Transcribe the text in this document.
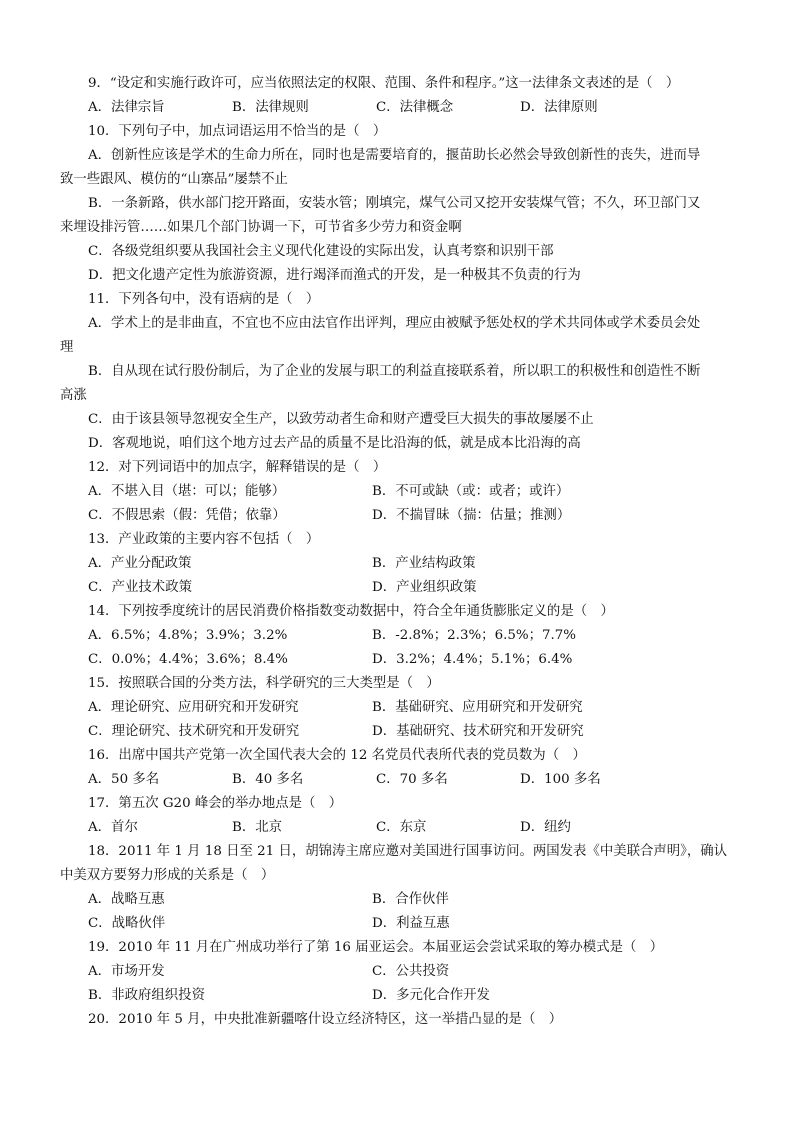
9．“设定和实施行政许可，应当依照法定的权限、范围、条件和程序。”这一法律条文表述的是（　）
A．法律宗旨	B．法律规则	C．法律概念	D．法律原则
10．下列句子中，加点词语运用不恰当的是（　）
A．创新性应该是学术的生命力所在，同时也是需要培育的，揠苗助长必然会导致创新性的丧失，进而导
致一些跟风、模仿的“山寨品”屡禁不止
B．一条新路，供水部门挖开路面，安装水管；刚填完，煤气公司又挖开安装煤气管；不久，环卫部门又
来埋设排污管……如果几个部门协调一下，可节省多少劳力和资金啊
C．各级党组织要从我国社会主义现代化建设的实际出发，认真考察和识别干部
D．把文化遗产定性为旅游资源，进行竭泽而渔式的开发，是一种极其不负责的行为
11．下列各句中，没有语病的是（　）
A．学术上的是非曲直，不宜也不应由法官作出评判，理应由被赋予惩处权的学术共同体或学术委员会处
理
B．自从现在试行股份制后，为了企业的发展与职工的利益直接联系着，所以职工的积极性和创造性不断
高涨
C．由于该县领导忽视安全生产，以致劳动者生命和财产遭受巨大损失的事故屡屡不止
D．客观地说，咱们这个地方过去产品的质量不是比沿海的低，就是成本比沿海的高
12．对下列词语中的加点字，解释错误的是（　）
A．不堪入目（堪：可以；能够）	B．不可或缺（或：或者；或许）
C．不假思索（假：凭借；依靠）	D．不揣冒昧（揣：估量；推测）
13．产业政策的主要内容不包括（　）
A．产业分配政策	B．产业结构政策
C．产业技术政策	D．产业组织政策
14．下列按季度统计的居民消费价格指数变动数据中，符合全年通货膨胀定义的是（　）
A．6.5%；4.8%；3.9%；3.2%	B．-2.8%；2.3%；6.5%；7.7%
C．0.0%；4.4%；3.6%；8.4%	D．3.2%；4.4%；5.1%；6.4%
15．按照联合国的分类方法，科学研究的三大类型是（　）
A．理论研究、应用研究和开发研究	B．基础研究、应用研究和开发研究
C．理论研究、技术研究和开发研究	D．基础研究、技术研究和开发研究
16．出席中国共产党第一次全国代表大会的 12 名党员代表所代表的党员数为（　）
A．50 多名	B．40 多名	C．70 多名	D．100 多名
17．第五次 G20 峰会的举办地点是（　）
A．首尔	B．北京	C．东京	D．纽约
18．2011 年 1 月 18 日至 21 日，胡锦涛主席应邀对美国进行国事访问。两国发表《中美联合声明》，确认
中美双方要努力形成的关系是（　）
A．战略互惠	B．合作伙伴
C．战略伙伴	D．利益互惠
19．2010 年 11 月在广州成功举行了第 16 届亚运会。本届亚运会尝试采取的筹办模式是（　）
A．市场开发	C．公共投资
B．非政府组织投资	D．多元化合作开发
20．2010 年 5 月，中央批准新疆喀什设立经济特区，这一举措凸显的是（　）
